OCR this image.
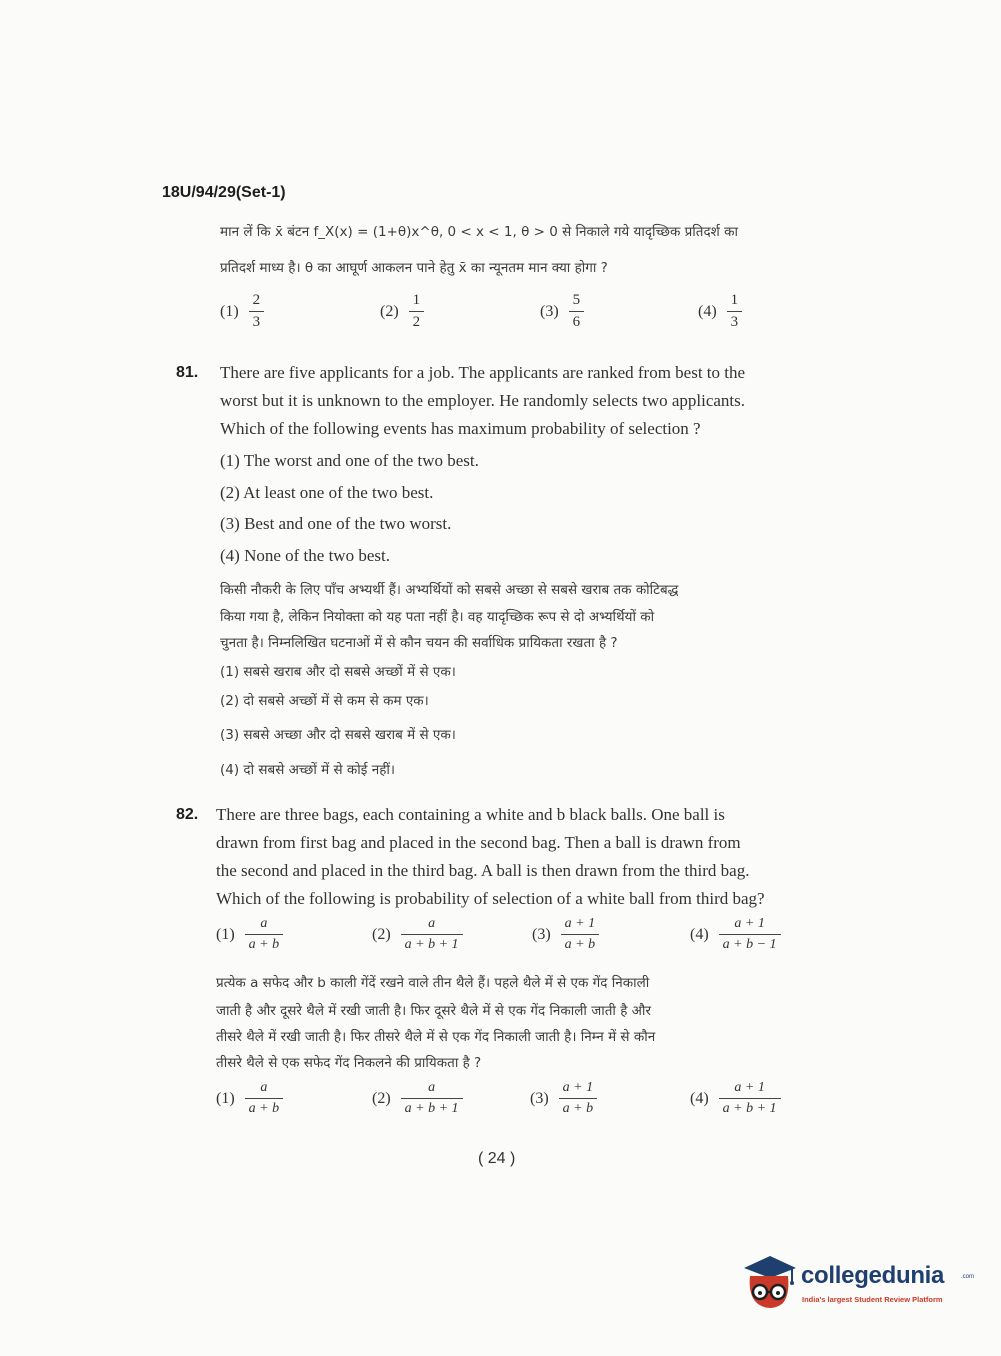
18U/94/29(Set-1)
मान लें कि x̄ बंटन f_X(x) = (1+θ)x^θ, 0 < x < 1, θ > 0 से निकाले गये यादृच्छिक प्रतिदर्श का
प्रतिदर्श माध्य है। θ का आघूर्ण आकलन पाने हेतु x̄ का न्यूनतम मान क्या होगा ?
$(1) \frac{2}{3}$	$(2) \frac{1}{2}$	$(3) \frac{5}{6}$	$(4) \frac{1}{3}$
81. There are five applicants for a job. The applicants are ranked from best to the
worst but it is unknown to the employer. He randomly selects two applicants.
Which of the following events has maximum probability of selection ?
(1) The worst and one of the two best.
(2) At least one of the two best.
(3) Best and one of the two worst.
(4) None of the two best.
किसी नौकरी के लिए पाँच अभ्यर्थी हैं। अभ्यर्थियों को सबसे अच्छा से सबसे खराब तक कोटिबद्ध
किया गया है, लेकिन नियोक्ता को यह पता नहीं है। वह यादृच्छिक रूप से दो अभ्यर्थियों को
चुनता है। निम्नलिखित घटनाओं में से कौन चयन की सर्वाधिक प्रायिकता रखता है ?
(1) सबसे खराब और दो सबसे अच्छों में से एक।
(2) दो सबसे अच्छों में से कम से कम एक।
(3) सबसे अच्छा और दो सबसे खराब में से एक।
(4) दो सबसे अच्छों में से कोई नहीं।
82. There are three bags, each containing a white and b black balls. One ball is
drawn from first bag and placed in the second bag. Then a ball is drawn from
the second and placed in the third bag. A ball is then drawn from the third bag.
Which of the following is probability of selection of a white ball from third bag?
$(1) \frac{a}{a + b}$	$(2) \frac{a}{a + b + 1}$	$(3) \frac{a + 1}{a + b}$	$(4) \frac{a + 1}{a + b - 1}$
प्रत्येक a सफेद और b काली गेंदें रखने वाले तीन थैले हैं। पहले थैले में से एक गेंद निकाली
जाती है और दूसरे थैले में रखी जाती है। फिर दूसरे थैले में से एक गेंद निकाली जाती है और
तीसरे थैले में रखी जाती है। फिर तीसरे थैले में से एक गेंद निकाली जाती है। निम्न में से कौन
तीसरे थैले से एक सफेद गेंद निकलने की प्रायिकता है ?
$(1) \frac{a}{a + b}$	$(2) \frac{a}{a + b + 1}$	$(3) \frac{a + 1}{a + b}$	$(4) \frac{a + 1}{a + b + 1}$
( 24 )
collegedunia	.com
India's largest Student Review Platform
